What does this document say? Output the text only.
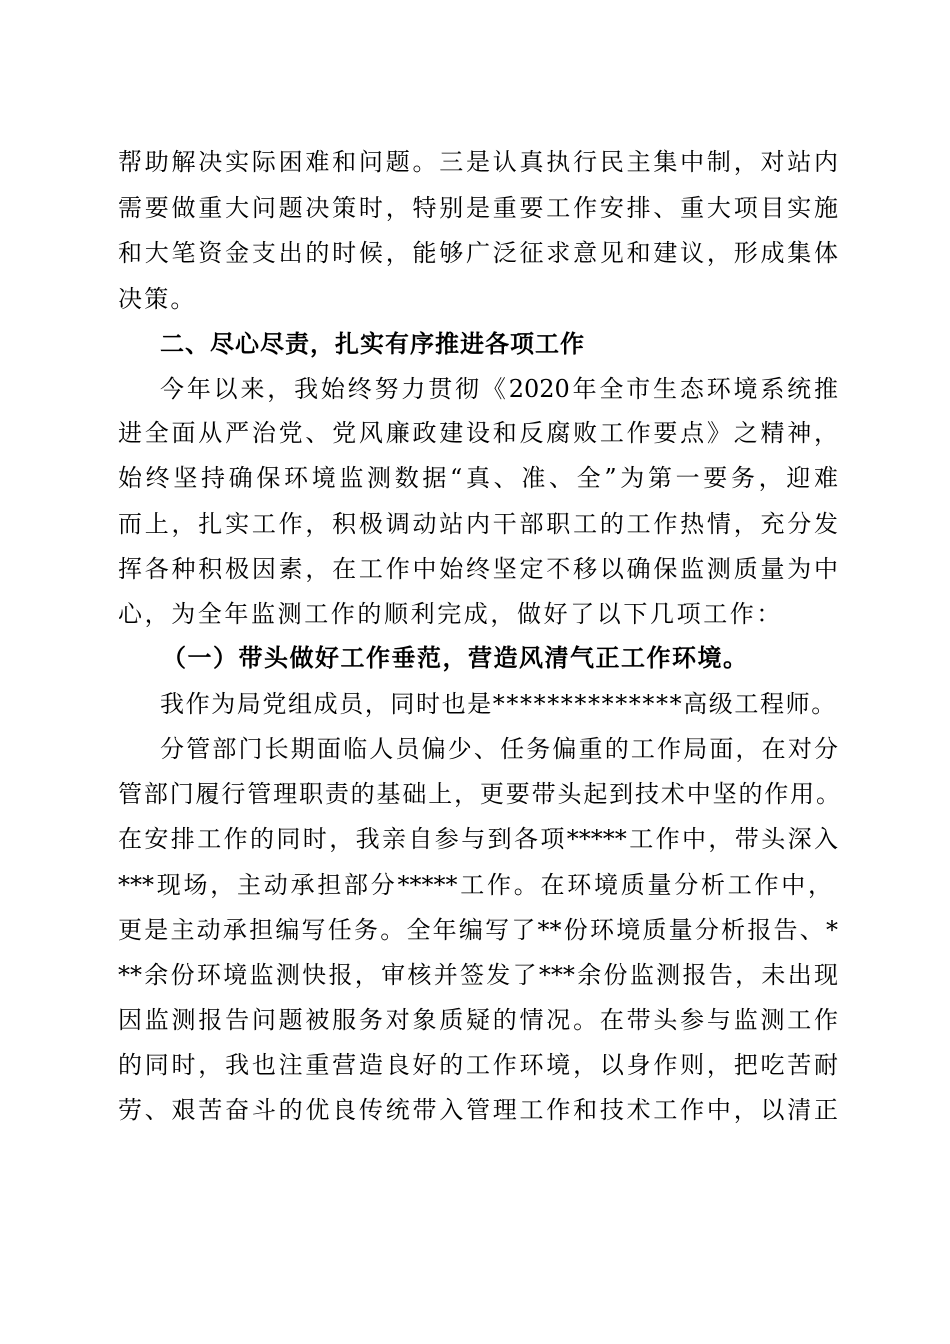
帮助解决实际困难和问题。三是认真执行民主集中制，对站内
需要做重大问题决策时，特别是重要工作安排、重大项目实施
和大笔资金支出的时候，能够广泛征求意见和建议，形成集体
决策。
二、尽心尽责，扎实有序推进各项工作
今年以来，我始终努力贯彻《2020年全市生态环境系统推
进全面从严治党、党风廉政建设和反腐败工作要点》之精神，
始终坚持确保环境监测数据“真、准、全”为第一要务，迎难
而上，扎实工作，积极调动站内干部职工的工作热情，充分发
挥各种积极因素，在工作中始终坚定不移以确保监测质量为中
心，为全年监测工作的顺利完成，做好了以下几项工作：
（一）带头做好工作垂范，营造风清气正工作环境。
我作为局党组成员，同时也是**************高级工程师。
分管部门长期面临人员偏少、任务偏重的工作局面，在对分
管部门履行管理职责的基础上，更要带头起到技术中坚的作用。
在安排工作的同时，我亲自参与到各项*****工作中，带头深入
***现场，主动承担部分*****工作。在环境质量分析工作中，
更是主动承担编写任务。全年编写了**份环境质量分析报告、*
**余份环境监测快报，审核并签发了***余份监测报告，未出现
因监测报告问题被服务对象质疑的情况。在带头参与监测工作
的同时，我也注重营造良好的工作环境，以身作则，把吃苦耐
劳、艰苦奋斗的优良传统带入管理工作和技术工作中，以清正
